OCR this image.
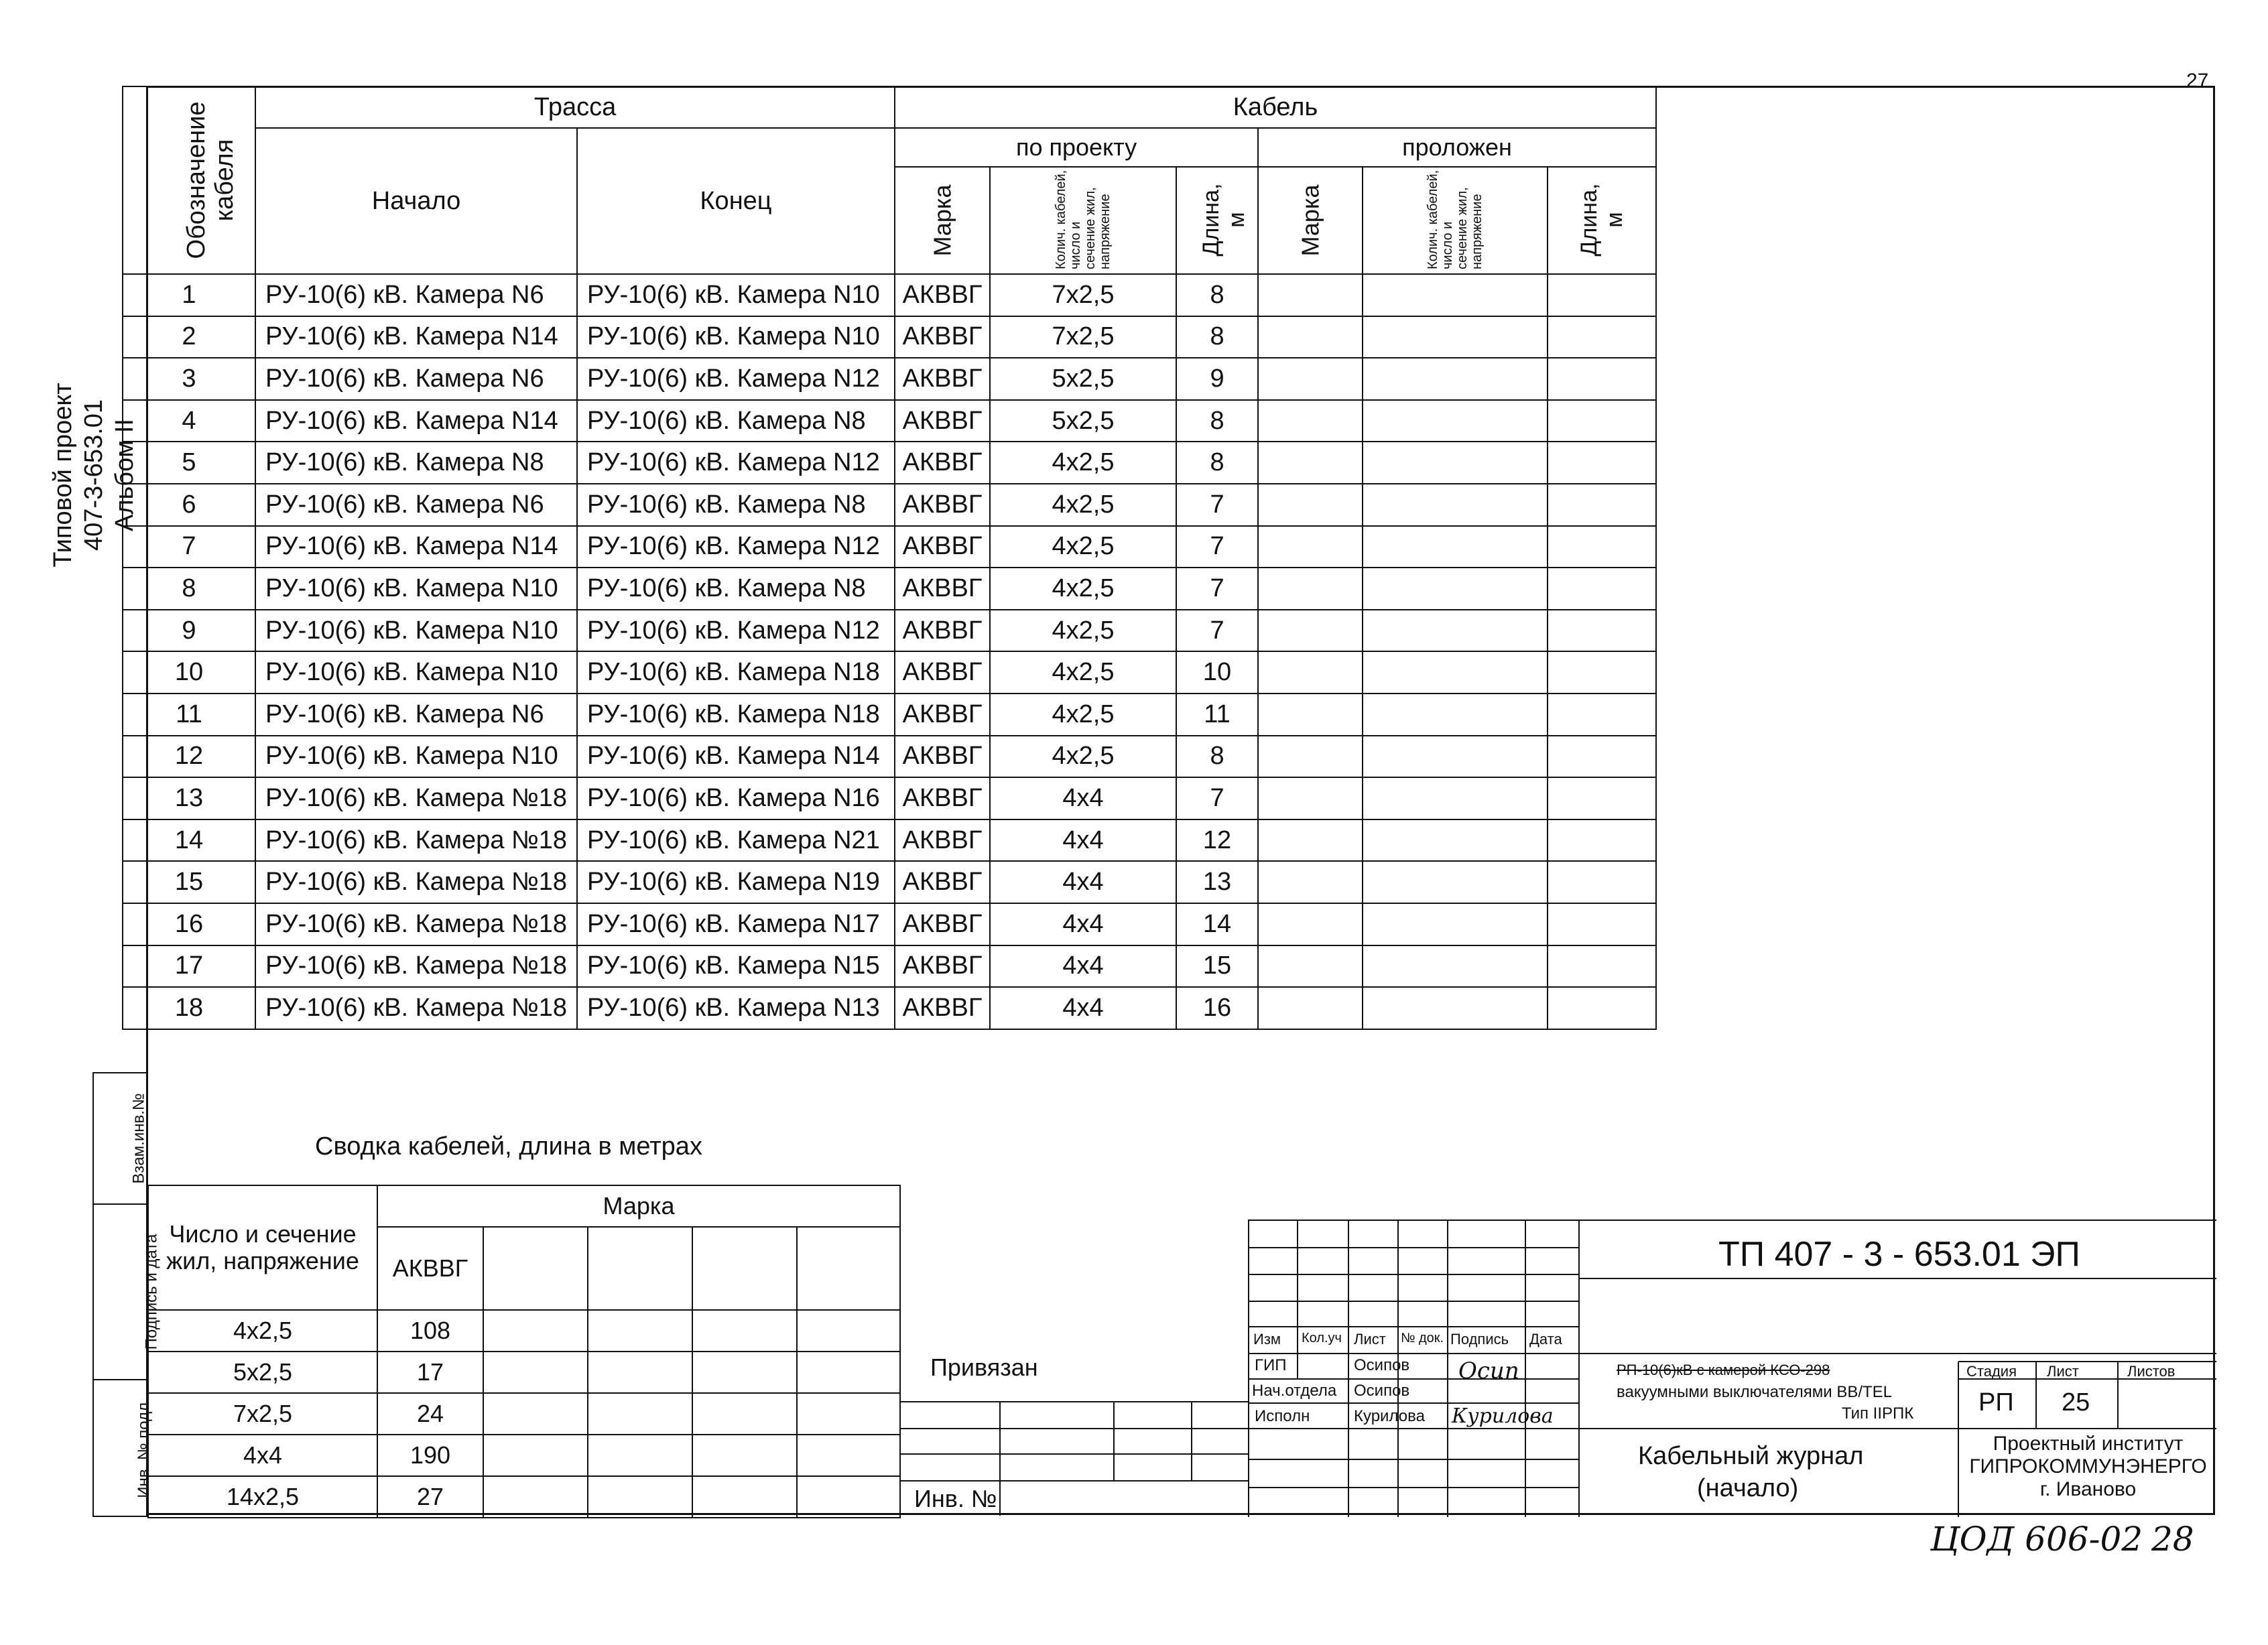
27
Типовой проект 407-3-653.01 Альбом II
Обозначение кабеля	Трасса		Кабель					
	Начало	Конец	по проекту			проложен		
			Марка	Колич. кабелей, число и сечение жил, напряжение	Длина, м	Марка	Колич. кабелей, число и сечение жил, напряжение	Длина, м
1	РУ-10(6) кВ. Камера N6	РУ-10(6) кВ. Камера N10	АКВВГ	7х2,5	8			
2	РУ-10(6) кВ. Камера N14	РУ-10(6) кВ. Камера N10	АКВВГ	7х2,5	8			
3	РУ-10(6) кВ. Камера N6	РУ-10(6) кВ. Камера N12	АКВВГ	5х2,5	9			
4	РУ-10(6) кВ. Камера N14	РУ-10(6) кВ. Камера N8	АКВВГ	5х2,5	8			
5	РУ-10(6) кВ. Камера N8	РУ-10(6) кВ. Камера N12	АКВВГ	4х2,5	8			
6	РУ-10(6) кВ. Камера N6	РУ-10(6) кВ. Камера N8	АКВВГ	4х2,5	7			
7	РУ-10(6) кВ. Камера N14	РУ-10(6) кВ. Камера N12	АКВВГ	4х2,5	7			
8	РУ-10(6) кВ. Камера N10	РУ-10(6) кВ. Камера N8	АКВВГ	4х2,5	7			
9	РУ-10(6) кВ. Камера N10	РУ-10(6) кВ. Камера N12	АКВВГ	4х2,5	7			
10	РУ-10(6) кВ. Камера N10	РУ-10(6) кВ. Камера N18	АКВВГ	4х2,5	10			
11	РУ-10(6) кВ. Камера N6	РУ-10(6) кВ. Камера N18	АКВВГ	4х2,5	11			
12	РУ-10(6) кВ. Камера N10	РУ-10(6) кВ. Камера N14	АКВВГ	4х2,5	8			
13	РУ-10(6) кВ. Камера №18	РУ-10(6) кВ. Камера N16	АКВВГ	4х4	7			
14	РУ-10(6) кВ. Камера №18	РУ-10(6) кВ. Камера N21	АКВВГ	4х4	12			
15	РУ-10(6) кВ. Камера №18	РУ-10(6) кВ. Камера N19	АКВВГ	4х4	13			
16	РУ-10(6) кВ. Камера №18	РУ-10(6) кВ. Камера N17	АКВВГ	4х4	14			
17	РУ-10(6) кВ. Камера №18	РУ-10(6) кВ. Камера N15	АКВВГ	4х4	15			
18	РУ-10(6) кВ. Камера №18	РУ-10(6) кВ. Камера N13	АКВВГ	4х4	16			
Взам.инв.№
Подпись и дата
Инв. № подл.
Сводка кабелей, длина в метрах
Число и сечение жил, напряжение	Марка				
	АКВВГ				
4х2,5	108				
5х2,5	17				
7х2,5	24				
4х4	190				
14х2,5	27				
Привязан
Инв. №
ТП 407 - 3 - 653.01 ЭП
Изм Кол.уч Лист № док. Подпись Дата
ГИП	Осипов
Нач.отдела Осипов
Исполн	Курилова
Осип
Курилова
РП-10(6)кВ с камерой КСО-298
вакуумными выключателями ВВ/TEL
Тип IIРПК
Стадия Лист	Листов
РП 25
Кабельный журнал
(начало)
Проектный институт
ГИПРОКОММУНЭНЕРГО
г. Иваново
ЦОД 606-02 28
